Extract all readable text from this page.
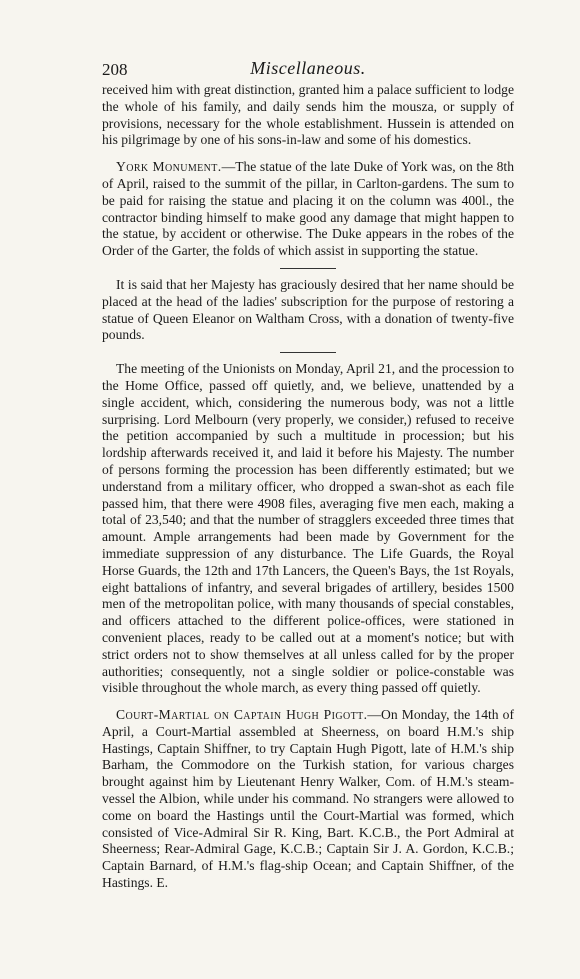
208	Miscellaneous.

received him with great distinction, granted him a palace sufficient to lodge the whole of his family, and daily sends him the mousza, or supply of provisions, necessary for the whole establishment. Hussein is attended on his pilgrimage by one of his sons-in-law and some of his domestics.

York Monument.—The statue of the late Duke of York was, on the 8th of April, raised to the summit of the pillar, in Carlton-gardens. The sum to be paid for raising the statue and placing it on the column was 400l., the contractor binding himself to make good any damage that might happen to the statue, by accident or otherwise. The Duke appears in the robes of the Order of the Garter, the folds of which assist in supporting the statue.

It is said that her Majesty has graciously desired that her name should be placed at the head of the ladies' subscription for the purpose of restoring a statue of Queen Eleanor on Waltham Cross, with a donation of twenty-five pounds.

The meeting of the Unionists on Monday, April 21, and the procession to the Home Office, passed off quietly, and, we believe, unattended by a single accident, which, considering the numerous body, was not a little surprising. Lord Melbourn (very properly, we consider,) refused to receive the petition accompanied by such a multitude in procession; but his lordship afterwards received it, and laid it before his Majesty. The number of persons forming the procession has been differently estimated; but we understand from a military officer, who dropped a swan-shot as each file passed him, that there were 4908 files, averaging five men each, making a total of 23,540; and that the number of stragglers exceeded three times that amount. Ample arrangements had been made by Government for the immediate suppression of any disturbance. The Life Guards, the Royal Horse Guards, the 12th and 17th Lancers, the Queen's Bays, the 1st Royals, eight battalions of infantry, and several brigades of artillery, besides 1500 men of the metropolitan police, with many thousands of special constables, and officers attached to the different police-offices, were stationed in convenient places, ready to be called out at a moment's notice; but with strict orders not to show themselves at all unless called for by the proper authorities; consequently, not a single soldier or police-constable was visible throughout the whole march, as every thing passed off quietly.

Court-Martial on Captain Hugh Pigott.—On Monday, the 14th of April, a Court-Martial assembled at Sheerness, on board H.M.'s ship Hastings, Captain Shiffner, to try Captain Hugh Pigott, late of H.M.'s ship Barham, the Commodore on the Turkish station, for various charges brought against him by Lieutenant Henry Walker, Com. of H.M.'s steam-vessel the Albion, while under his command. No strangers were allowed to come on board the Hastings until the Court-Martial was formed, which consisted of Vice-Admiral Sir R. King, Bart. K.C.B., the Port Admiral at Sheerness; Rear-Admiral Gage, K.C.B.; Captain Sir J. A. Gordon, K.C.B.; Captain Barnard, of H.M.'s flag-ship Ocean; and Captain Shiffner, of the Hastings. E.
